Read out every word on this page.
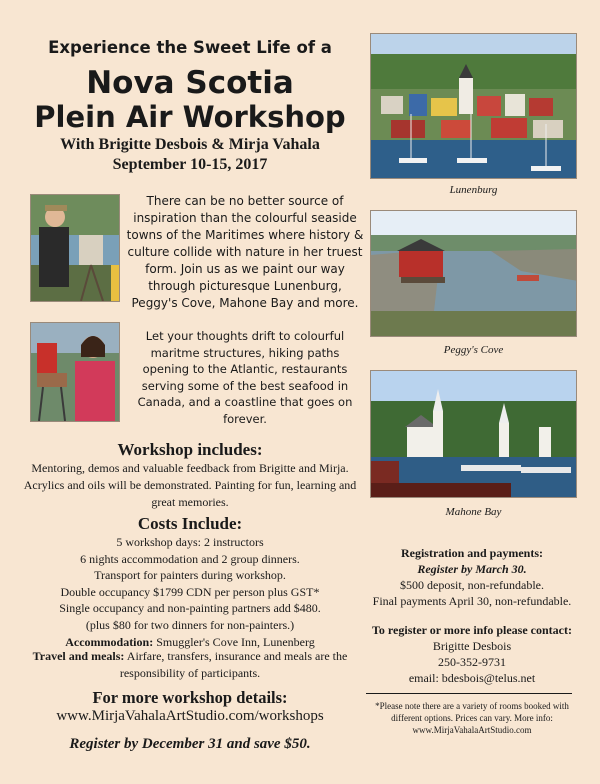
Experience the Sweet Life of a
Nova Scotia
Plein Air Workshop
With Brigitte Desbois & Mirja Vahala
September 10-15, 2017
Lunenburg
Peggy's Cove
Mahone Bay
There can be no better source of inspiration than the colourful seaside towns of the Maritimes where history & culture collide with nature in her truest form. Join us as we paint our way through picturesque Lunenburg, Peggy's Cove, Mahone Bay and more.
Let your thoughts drift to colourful maritme structures, hiking paths opening to the Atlantic, restaurants serving some of the best seafood in Canada, and a coastline that goes on forever.
Workshop includes:
Mentoring, demos and valuable feedback from Brigitte and Mirja. Acrylics and oils will be demonstrated. Painting for fun, learning and great memories.
Costs Include:
5 workshop days: 2 instructors
6 nights accommodation and 2 group dinners.
Transport for painters during workshop.
Double occupancy $1799 CDN per person plus GST*
Single occupancy and non-painting partners add $480.
(plus $80 for two dinners for non-painters.)
Accommodation: Smuggler's Cove Inn, Lunenberg
Travel and meals: Airfare, transfers, insurance and meals are the responsibility of participants.
For more workshop details:
www.MirjaVahalaArtStudio.com/workshops
Register by December 31 and save $50.
Registration and payments:
Register by March 30.
$500 deposit, non-refundable.
Final payments April 30, non-refundable.
To register or more info please contact:
Brigitte Desbois
250-352-9731
email: bdesbois@telus.net
*Please note there are a variety of rooms booked with different options. Prices can vary. More info:
www.MirjaVahalaArtStudio.com
